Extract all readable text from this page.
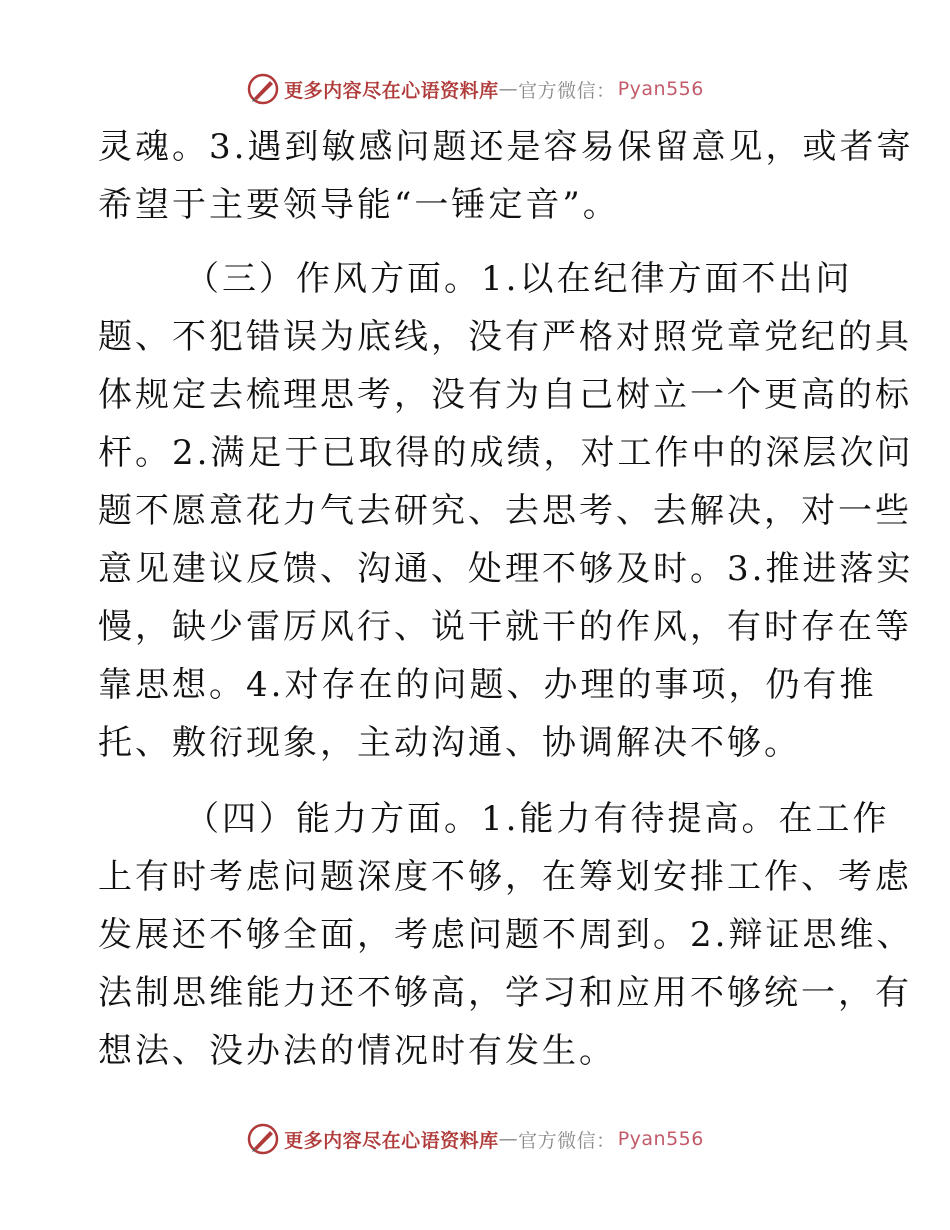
更多内容尽在心语资料库 — 官方微信： Pyan556
灵魂。3.遇到敏感问题还是容易保留意见，或者寄
希望于主要领导能“一锤定音”。
（三）作风方面。1.以在纪律方面不出问
题、不犯错误为底线，没有严格对照党章党纪的具
体规定去梳理思考，没有为自己树立一个更高的标
杆。2.满足于已取得的成绩，对工作中的深层次问
题不愿意花力气去研究、去思考、去解决，对一些
意见建议反馈、沟通、处理不够及时。3.推进落实
慢，缺少雷厉风行、说干就干的作风，有时存在等
靠思想。4.对存在的问题、办理的事项，仍有推
托、敷衍现象，主动沟通、协调解决不够。
（四）能力方面。1.能力有待提高。在工作
上有时考虑问题深度不够，在筹划安排工作、考虑
发展还不够全面，考虑问题不周到。2.辩证思维、
法制思维能力还不够高，学习和应用不够统一，有
想法、没办法的情况时有发生。
更多内容尽在心语资料库 — 官方微信： Pyan556
